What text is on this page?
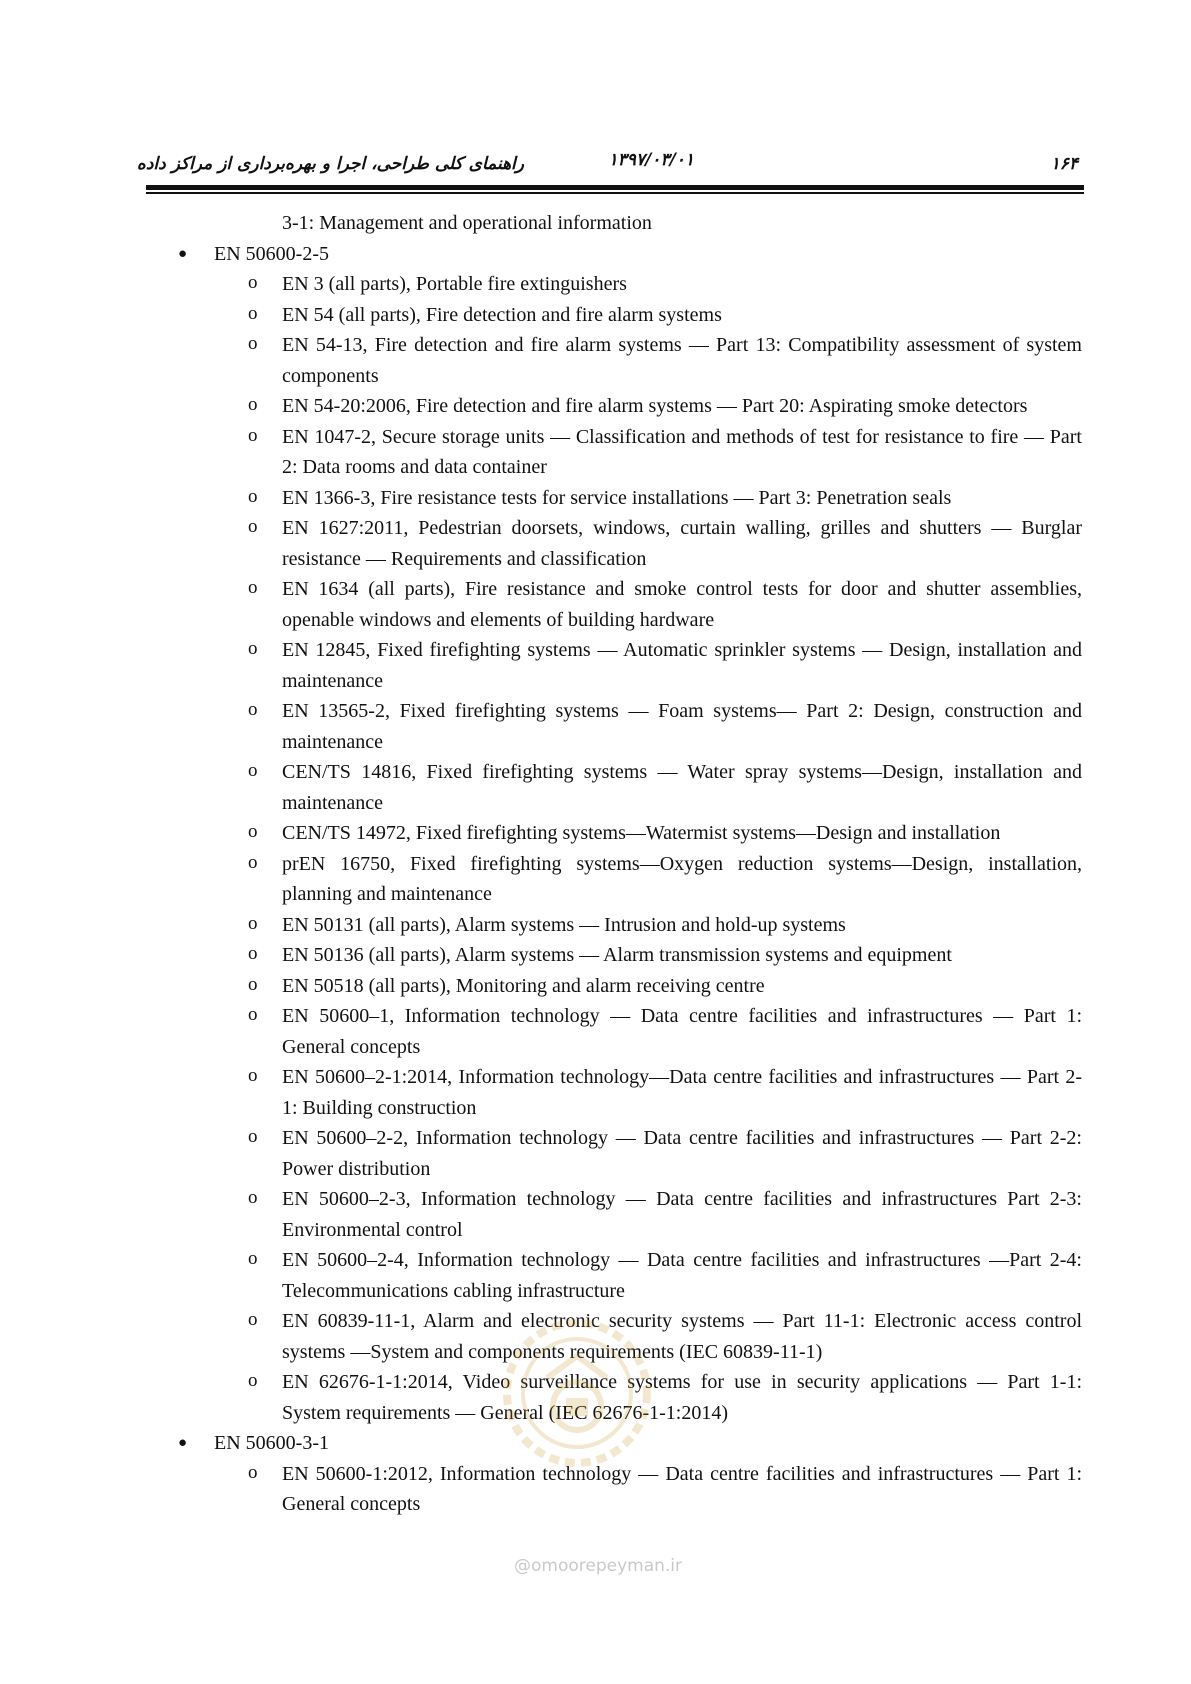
۱۶۴
۱۳۹۷/۰۳/۰۱
راهنمای کلی طراحی، اجرا و بهره‌برداری از مراکز داده
3-1: Management and operational information
● EN 50600-2-5
o EN 3 (all parts), Portable fire extinguishers
o EN 54 (all parts), Fire detection and fire alarm systems
o EN 54-13, Fire detection and fire alarm systems — Part 13: Compatibility assessment of system components
o EN 54-20:2006, Fire detection and fire alarm systems — Part 20: Aspirating smoke detectors
o EN 1047-2, Secure storage units — Classification and methods of test for resistance to fire — Part 2: Data rooms and data container
o EN 1366-3, Fire resistance tests for service installations — Part 3: Penetration seals
o EN 1627:2011, Pedestrian doorsets, windows, curtain walling, grilles and shutters — Burglar resistance — Requirements and classification
o EN 1634 (all parts), Fire resistance and smoke control tests for door and shutter assemblies, openable windows and elements of building hardware
o EN 12845, Fixed firefighting systems — Automatic sprinkler systems — Design, installation and maintenance
o EN 13565-2, Fixed firefighting systems — Foam systems— Part 2: Design, construction and maintenance
o CEN/TS 14816, Fixed firefighting systems — Water spray systems—Design, installation and maintenance
o CEN/TS 14972, Fixed firefighting systems—Watermist systems—Design and installation
o prEN 16750, Fixed firefighting systems—Oxygen reduction systems—Design, installation, planning and maintenance
o EN 50131 (all parts), Alarm systems — Intrusion and hold-up systems
o EN 50136 (all parts), Alarm systems — Alarm transmission systems and equipment
o EN 50518 (all parts), Monitoring and alarm receiving centre
o EN 50600–1, Information technology — Data centre facilities and infrastructures — Part 1: General concepts
o EN 50600–2-1:2014, Information technology—Data centre facilities and infrastructures — Part 2-1: Building construction
o EN 50600–2-2, Information technology — Data centre facilities and infrastructures — Part 2-2: Power distribution
o EN 50600–2-3, Information technology — Data centre facilities and infrastructures Part 2-3: Environmental control
o EN 50600–2-4, Information technology — Data centre facilities and infrastructures —Part 2-4: Telecommunications cabling infrastructure
o EN 60839-11-1, Alarm and electronic security systems — Part 11-1: Electronic access control systems —System and components requirements (IEC 60839-11-1)
o EN 62676-1-1:2014, Video surveillance systems for use in security applications — Part 1-1: System requirements — General (IEC 62676-1-1:2014)
● EN 50600-3-1
o EN 50600-1:2012, Information technology — Data centre facilities and infrastructures — Part 1: General concepts
@omoorepeyman.ir
